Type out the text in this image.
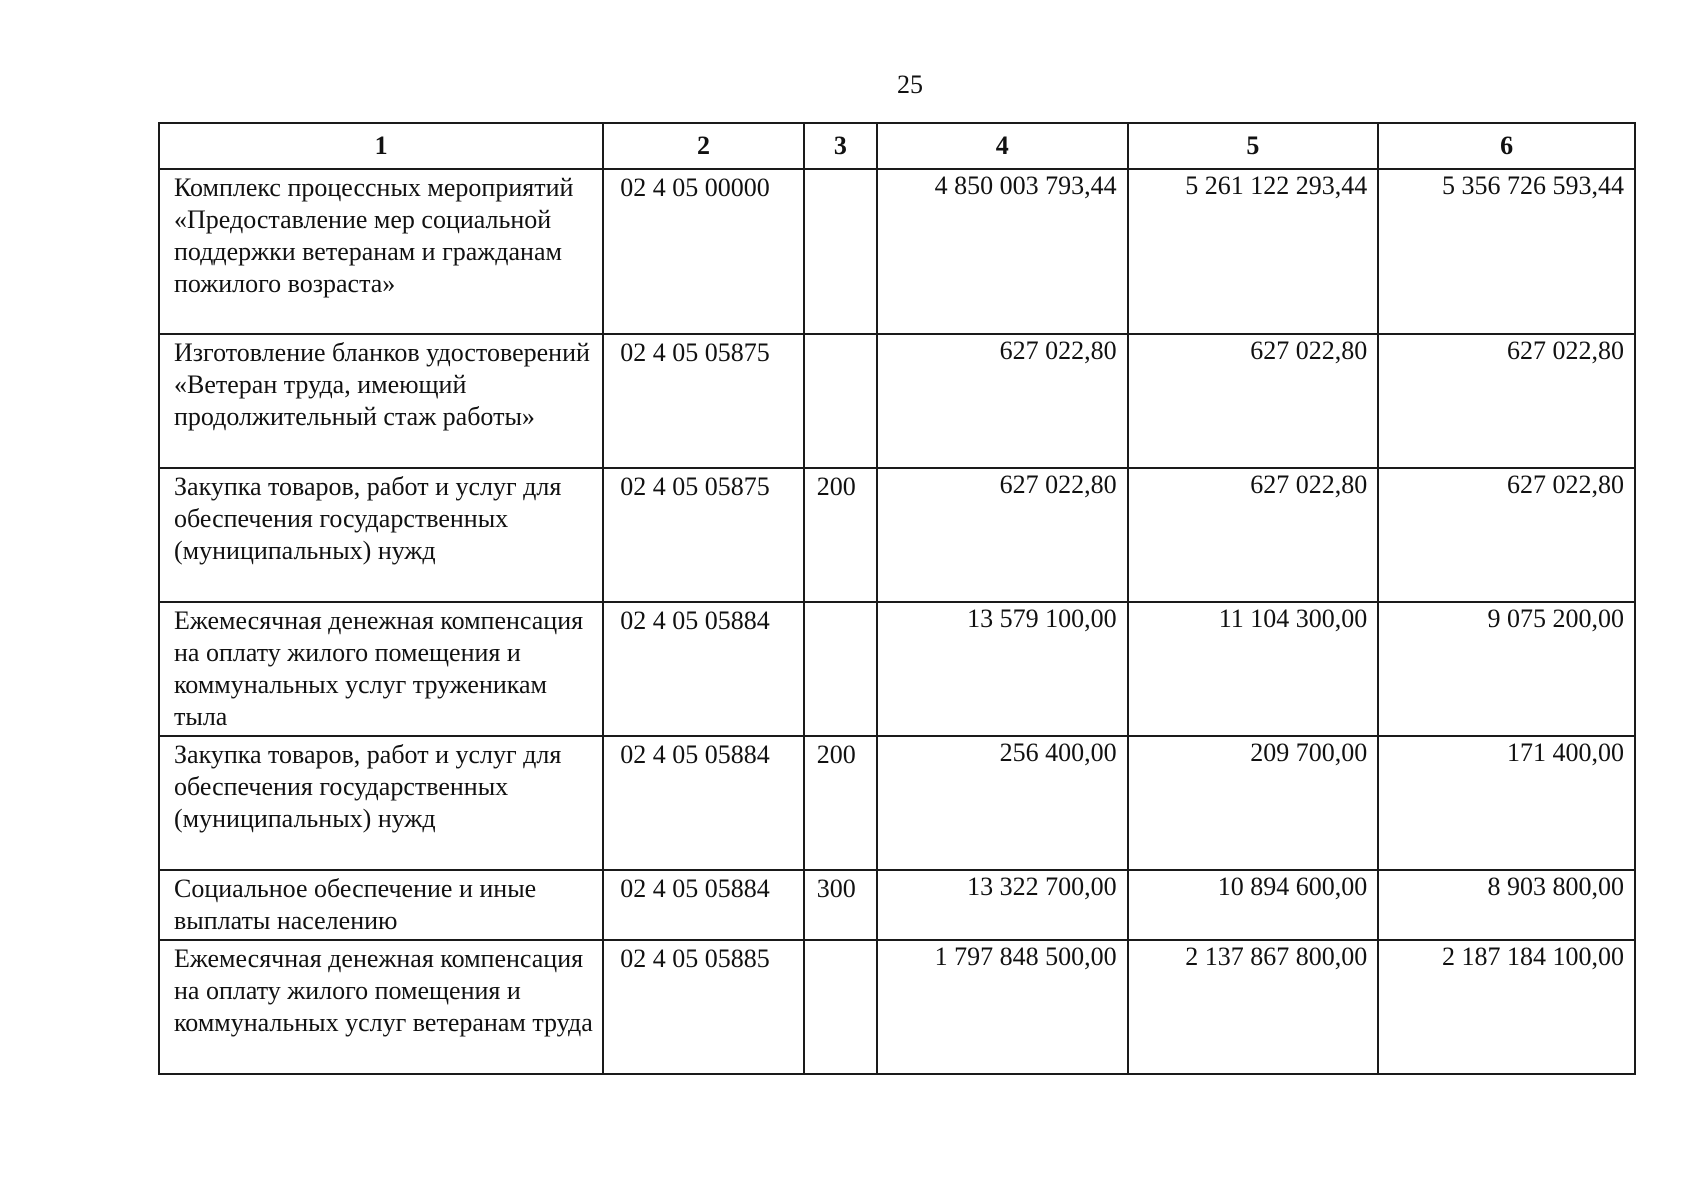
25
1	2	3	4	5	6
Комплекс процессных мероприятий «Предоставление мер социальной поддержки ветеранам и гражданам пожилого возраста»	02 4 05 00000		4 850 003 793,44	5 261 122 293,44	5 356 726 593,44
Изготовление бланков удостоверений «Ветеран труда, имеющий продолжительный стаж работы»	02 4 05 05875		627 022,80	627 022,80	627 022,80
Закупка товаров, работ и услуг для обеспечения государственных (муниципальных) нужд	02 4 05 05875	200	627 022,80	627 022,80	627 022,80
Ежемесячная денежная компенсация на оплату жилого помещения и коммунальных услуг труженикам тыла	02 4 05 05884		13 579 100,00	11 104 300,00	9 075 200,00
Закупка товаров, работ и услуг для обеспечения государственных (муниципальных) нужд	02 4 05 05884	200	256 400,00	209 700,00	171 400,00
Социальное обеспечение и иные выплаты населению	02 4 05 05884	300	13 322 700,00	10 894 600,00	8 903 800,00
Ежемесячная денежная компенсация на оплату жилого помещения и коммунальных услуг ветеранам труда	02 4 05 05885		1 797 848 500,00	2 137 867 800,00	2 187 184 100,00
